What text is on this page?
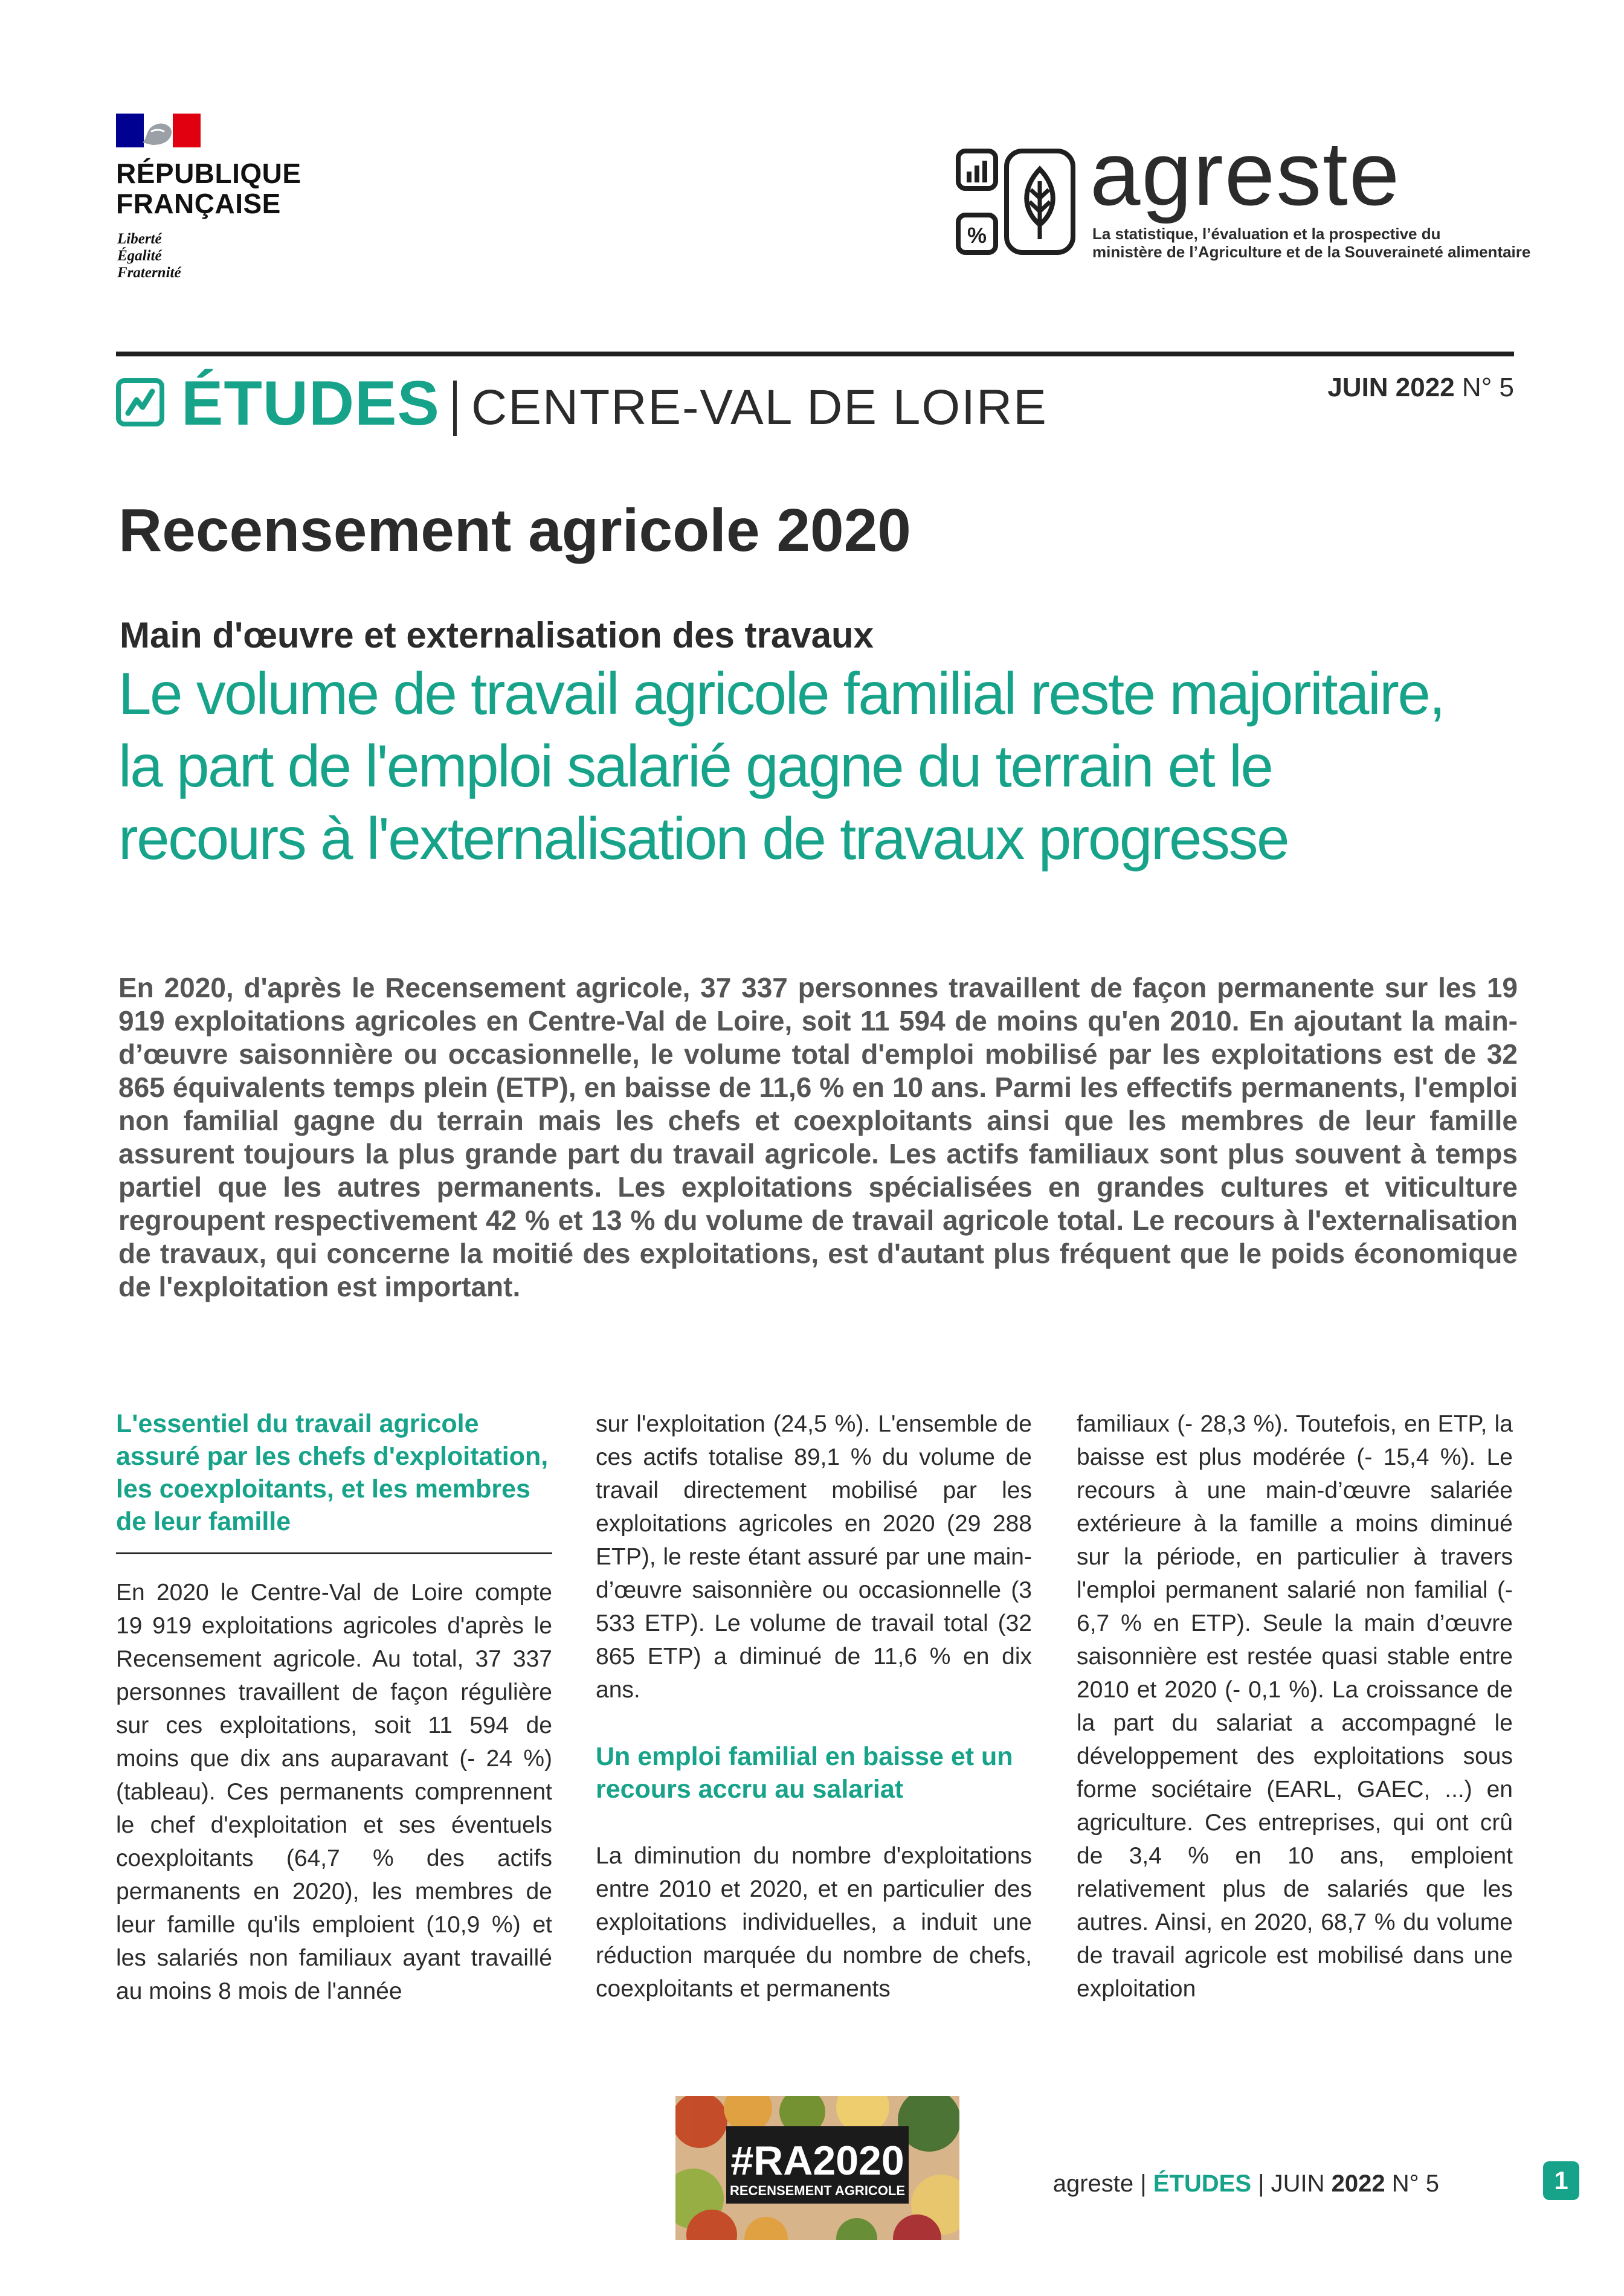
RÉPUBLIQUE
FRANÇAISE
Liberté
Égalité
Fraternité
%
agreste
La statistique, l’évaluation et la prospective du
ministère de l’Agriculture et de la Souveraineté alimentaire
ÉTUDES CENTRE-VAL DE LOIRE	JUIN 2022 N° 5
Recensement agricole 2020
Main d'œuvre et externalisation des travaux
Le volume de travail agricole familial reste majoritaire,
la part de l'emploi salarié gagne du terrain et le
recours à l'externalisation de travaux progresse
En 2020, d'après le Recensement agricole, 37 337 personnes travaillent de façon permanente sur les 19 919 exploitations agricoles en Centre-Val de Loire, soit 11 594 de moins qu'en 2010. En ajoutant la main-d’œuvre saisonnière ou occasionnelle, le volume total d'emploi mobilisé par les exploitations est de 32 865 équivalents temps plein (ETP), en baisse de 11,6 % en 10 ans. Parmi les effectifs permanents, l'emploi non familial gagne du terrain mais les chefs et coexploitants ainsi que les membres de leur famille assurent toujours la plus grande part du travail agricole. Les actifs familiaux sont plus souvent à temps partiel que les autres permanents. Les exploitations spécialisées en grandes cultures et viticulture regroupent respectivement 42 % et 13 % du volume de travail agricole total. Le recours à l'externalisation de travaux, qui concerne la moitié des exploitations, est d'autant plus fréquent que le poids économique de l'exploitation est important.
L'essentiel du travail agricole assuré par les chefs d'exploitation, les coexploitants, et les membres de leur famille

En 2020 le Centre-Val de Loire compte 19 919 exploitations agricoles d'après le Recensement agricole. Au total, 37 337 personnes travaillent de façon régulière sur ces exploitations, soit 11 594 de moins que dix ans auparavant (- 24 %) (tableau). Ces permanents comprennent le chef d'exploitation et ses éventuels coexploitants (64,7 % des actifs permanents en 2020), les membres de leur famille qu'ils emploient (10,9 %) et les salariés non familiaux ayant travaillé au moins 8 mois de l'année

sur l'exploitation (24,5 %). L'ensemble de ces actifs totalise 89,1 % du volume de travail directement mobilisé par les exploitations agricoles en 2020 (29 288 ETP), le reste étant assuré par une main-d’œuvre saisonnière ou occasionnelle (3 533 ETP). Le volume de travail total (32 865 ETP) a diminué de 11,6 % en dix ans.

Un emploi familial en baisse et un recours accru au salariat

La diminution du nombre d'exploitations entre 2010 et 2020, et en particulier des exploitations individuelles, a induit une réduction marquée du nombre de chefs, coexploitants et permanents

familiaux (- 28,3 %). Toutefois, en ETP, la baisse est plus modérée (- 15,4 %). Le recours à une main-d’œuvre salariée extérieure à la famille a moins diminué sur la période, en particulier à travers l'emploi permanent salarié non familial (- 6,7 % en ETP). Seule la main d’œuvre saisonnière est restée quasi stable entre 2010 et 2020 (- 0,1 %). La croissance de la part du salariat a accompagné le développement des exploitations sous forme sociétaire (EARL, GAEC, ...) en agriculture. Ces entreprises, qui ont crû de 3,4 % en 10 ans, emploient relativement plus de salariés que les autres. Ainsi, en 2020, 68,7 % du volume de travail agricole est mobilisé dans une exploitation

#RA2020
RECENSEMENT AGRICOLE	agreste | ÉTUDES | JUIN 2022 N° 5	1
